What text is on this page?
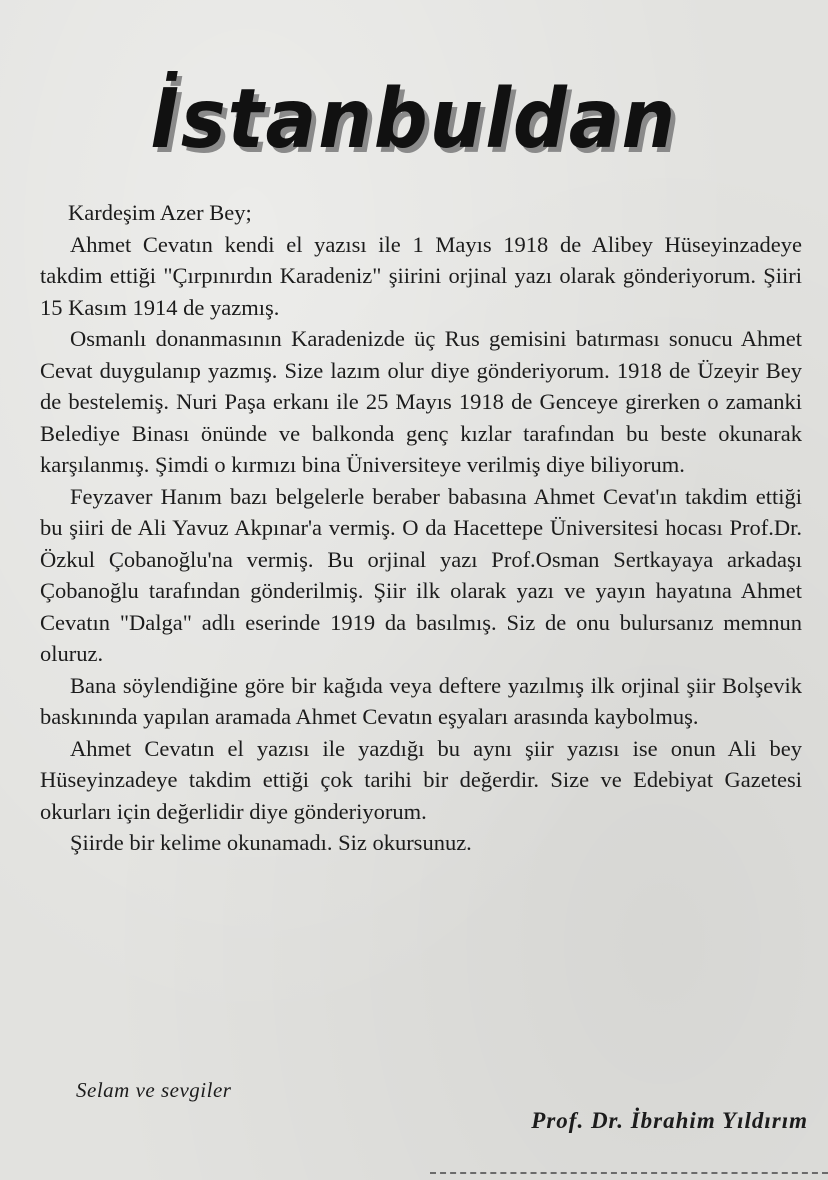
İstanbuldan

Kardeşim Azer Bey;

Ahmet Cevatın kendi el yazısı ile 1 Mayıs 1918 de Alibey Hüseyinzadeye takdim ettiği "Çırpınırdın Karadeniz" şiirini orjinal yazı olarak gönderiyorum. Şiiri 15 Kasım 1914 de yazmış.

Osmanlı donanmasının Karadenizde üç Rus gemisini batırması sonucu Ahmet Cevat duygulanıp yazmış. Size lazım olur diye gönderiyorum. 1918 de Üzeyir Bey de bestelemiş. Nuri Paşa erkanı ile 25 Mayıs 1918 de Genceye girerken o zamanki Belediye Binası önünde ve balkonda genç kızlar tarafından bu beste okunarak karşılanmış. Şimdi o kırmızı bina Üniversiteye verilmiş diye biliyorum.

Feyzaver Hanım bazı belgelerle beraber babasına Ahmet Cevat'ın takdim ettiği bu şiiri de Ali Yavuz Akpınar'a vermiş. O da Hacettepe Üniversitesi hocası Prof.Dr. Özkul Çobanoğlu'na vermiş. Bu orjinal yazı Prof.Osman Sertkayaya arkadaşı Çobanoğlu tarafından gönderilmiş. Şiir ilk olarak yazı ve yayın hayatına Ahmet Cevatın "Dalga" adlı eserinde 1919 da basılmış. Siz de onu bulursanız memnun oluruz.

Bana söylendiğine göre bir kağıda veya deftere yazılmış ilk orjinal şiir Bolşevik baskınında yapılan aramada Ahmet Cevatın eşyaları arasında kaybolmuş.

Ahmet Cevatın el yazısı ile yazdığı bu aynı şiir yazısı ise onun Ali bey Hüseyinzadeye takdim ettiği çok tarihi bir değerdir. Size ve Edebiyat Gazetesi okurları için değerlidir diye gönderiyorum.

Şiirde bir kelime okunamadı. Siz okursunuz.

Selam ve sevgiler
Prof. Dr. İbrahim Yıldırım
